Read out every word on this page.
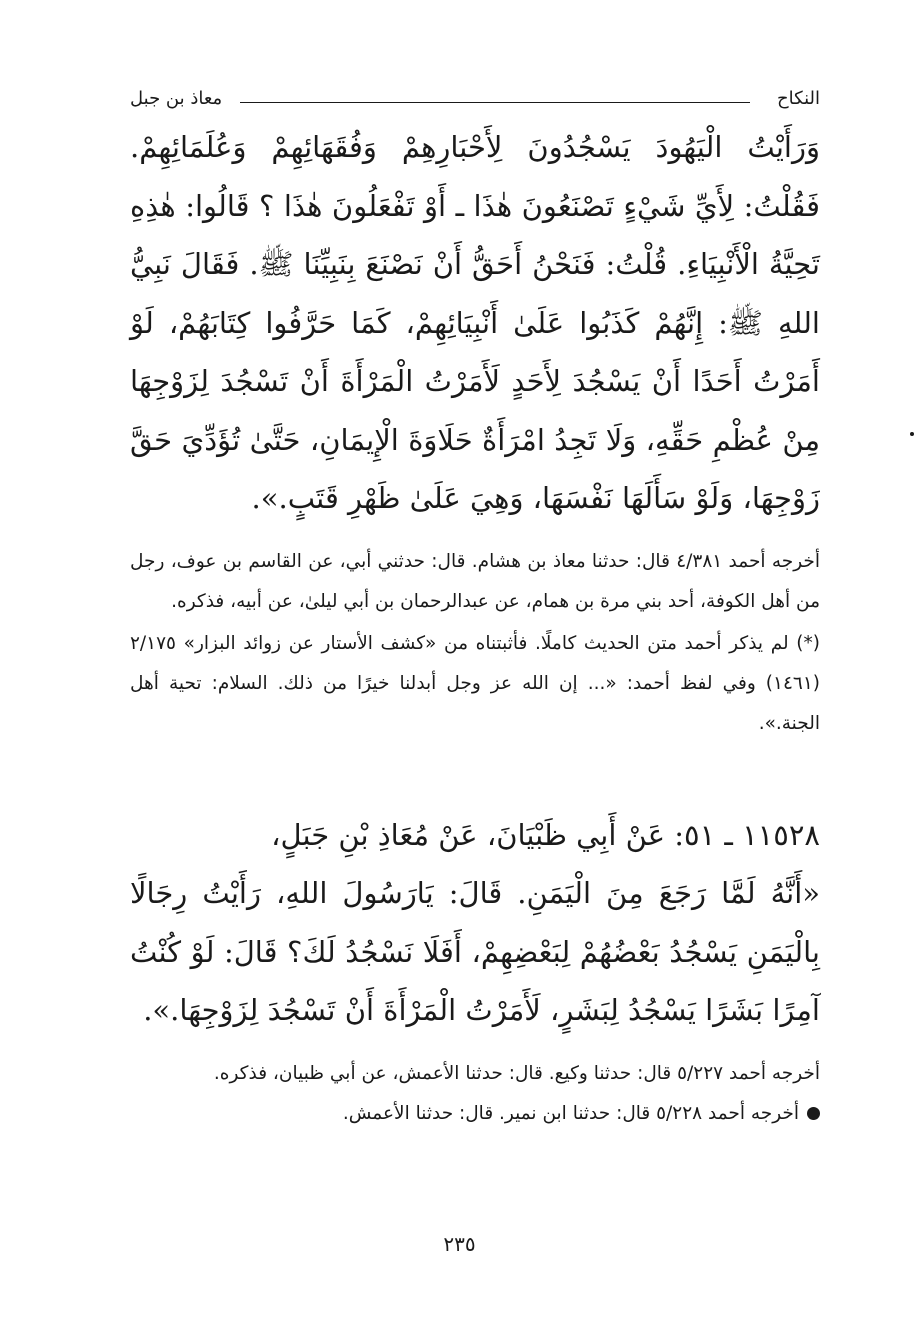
النكاح
معاذ بن جبل

وَرَأَيْتُ الْيَهُودَ يَسْجُدُونَ لِأَحْبَارِهِمْ وَفُقَهَائِهِمْ وَعُلَمَائِهِمْ. فَقُلْتُ: لِأَيِّ شَيْءٍ تَصْنَعُونَ هٰذَا ـ أَوْ تَفْعَلُونَ هٰذَا ؟ قَالُوا: هٰذِهِ تَحِيَّةُ الْأَنْبِيَاءِ. قُلْتُ: فَنَحْنُ أَحَقُّ أَنْ نَصْنَعَ بِنَبِيِّنَا ﷺ. فَقَالَ نَبِيُّ اللهِ ﷺ: إِنَّهُمْ كَذَبُوا عَلَىٰ أَنْبِيَائِهِمْ، كَمَا حَرَّفُوا كِتَابَهُمْ، لَوْ أَمَرْتُ أَحَدًا أَنْ يَسْجُدَ لِأَحَدٍ لَأَمَرْتُ الْمَرْأَةَ أَنْ تَسْجُدَ لِزَوْجِهَا مِنْ عُظْمِ حَقِّهِ، وَلَا تَجِدُ امْرَأَةٌ حَلَاوَةَ الْإِيمَانِ، حَتَّىٰ تُؤَدِّيَ حَقَّ زَوْجِهَا، وَلَوْ سَأَلَهَا نَفْسَهَا، وَهِيَ عَلَىٰ ظَهْرِ قَتَبٍ.».

أخرجه أحمد ٤/٣٨١ قال: حدثنا معاذ بن هشام. قال: حدثني أبي، عن القاسم بن عوف، رجل من أهل الكوفة، أحد بني مرة بن همام، عن عبدالرحمان بن أبي ليلىٰ، عن أبيه، فذكره.

(*) لم يذكر أحمد متن الحديث كاملًا. فأثبتناه من «كشف الأستار عن زوائد البزار» ٢/١٧٥ (١٤٦١) وفي لفظ أحمد: «... إن الله عز وجل أبدلنا خيرًا من ذلك. السلام: تحية أهل الجنة.».

١١٥٢٨ ـ ٥١: عَنْ أَبِي ظَبْيَانَ، عَنْ مُعَاذِ بْنِ جَبَلٍ،

«أَنَّهُ لَمَّا رَجَعَ مِنَ الْيَمَنِ. قَالَ: يَارَسُولَ اللهِ، رَأَيْتُ رِجَالًا بِالْيَمَنِ يَسْجُدُ بَعْضُهُمْ لِبَعْضِهِمْ، أَفَلَا نَسْجُدُ لَكَ؟ قَالَ: لَوْ كُنْتُ آمِرًا بَشَرًا يَسْجُدُ لِبَشَرٍ، لَأَمَرْتُ الْمَرْأَةَ أَنْ تَسْجُدَ لِزَوْجِهَا.».

أخرجه أحمد ٥/٢٢٧ قال: حدثنا وكيع. قال: حدثنا الأعمش، عن أبي ظبيان، فذكره.

أخرجه أحمد ٥/٢٢٨ قال: حدثنا ابن نمير. قال: حدثنا الأعمش.

٢٣٥
